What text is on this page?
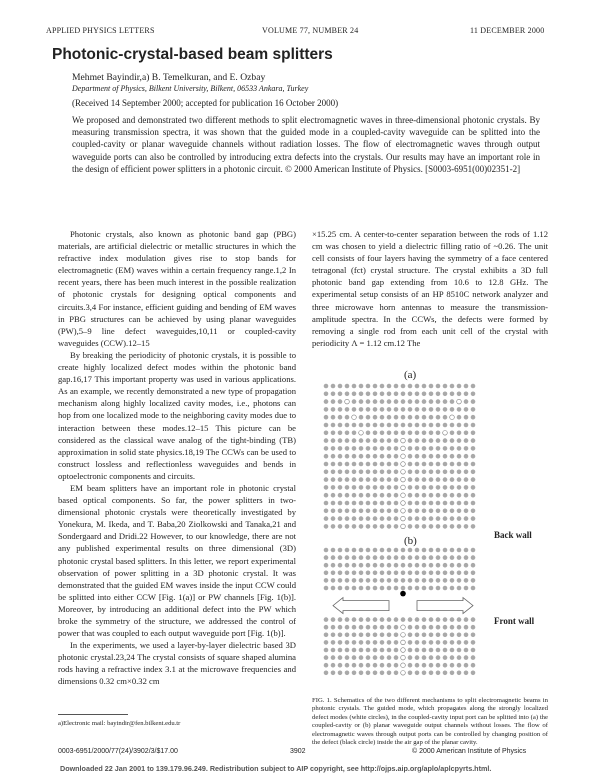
APPLIED PHYSICS LETTERS	VOLUME 77, NUMBER 24	11 DECEMBER 2000
Photonic-crystal-based beam splitters
Mehmet Bayindir,a) B. Temelkuran, and E. Ozbay
Department of Physics, Bilkent University, Bilkent, 06533 Ankara, Turkey
(Received 14 September 2000; accepted for publication 16 October 2000)
We proposed and demonstrated two different methods to split electromagnetic waves in three-dimensional photonic crystals. By measuring transmission spectra, it was shown that the guided mode in a coupled-cavity waveguide can be splitted into the coupled-cavity or planar waveguide channels without radiation losses. The flow of electromagnetic waves through output waveguide ports can also be controlled by introducing extra defects into the crystals. Our results may have an important role in the design of efficient power splitters in a photonic circuit. © 2000 American Institute of Physics. [S0003-6951(00)02351-2]

Photonic crystals, also known as photonic band gap (PBG) materials, are artificial dielectric or metallic structures in which the refractive index modulation gives rise to stop bands for electromagnetic (EM) waves within a certain frequency range.1,2 In recent years, there has been much interest in the possible realization of photonic crystals for designing optical components and circuits.3,4 For instance, efficient guiding and bending of EM waves in PBG structures can be achieved by using planar waveguides (PW),5–9 line defect waveguides,10,11 or coupled-cavity waveguides (CCW).12–15

By breaking the periodicity of photonic crystals, it is possible to create highly localized defect modes within the photonic band gap.16,17 This important property was used in various applications. As an example, we recently demonstrated a new type of propagation mechanism along highly localized cavity modes, i.e., photons can hop from one localized mode to the neighboring cavity modes due to interaction between these modes.12–15 This picture can be considered as the classical wave analog of the tight-binding (TB) approximation in solid state physics.18,19 The CCWs can be used to construct lossless and reflectionless waveguides and bends in optoelectronic components and circuits.

EM beam splitters have an important role in photonic crystal based optical components. So far, the power splitters in two-dimensional photonic crystals were theoretically investigated by Yonekura, M. Ikeda, and T. Baba,20 Ziolkowski and Tanaka,21 and Sondergaard and Dridi.22 However, to our knowledge, there are not any published experimental results on three dimensional (3D) photonic crystal based splitters. In this letter, we report experimental observation of power splitting in a 3D photonic crystal. It was demonstrated that the guided EM waves inside the input CCW could be splitted into either CCW [Fig. 1(a)] or PW channels [Fig. 1(b)]. Moreover, by introducing an additional defect into the PW which broke the symmetry of the structure, we addressed the control of power that was coupled to each output waveguide port [Fig. 1(b)].

In the experiments, we used a layer-by-layer dielectric based 3D photonic crystal.23,24 The crystal consists of square shaped alumina rods having a refractive index 3.1 at the microwave frequencies and dimensions 0.32 cm×0.32 cm

×15.25 cm. A center-to-center separation between the rods of 1.12 cm was chosen to yield a dielectric filling ratio of ~0.26. The unit cell consists of four layers having the symmetry of a face centered tetragonal (fct) crystal structure. The crystal exhibits a 3D full photonic band gap extending from 10.6 to 12.8 GHz. The experimental setup consists of an HP 8510C network analyzer and three microwave horn antennas to measure the transmission-amplitude spectra. In the CCWs, the defects were formed by removing a single rod from each unit cell of the crystal with periodicity Λ = 1.12 cm.12 The

(a)
(b)	Back wall
Front wall
FIG. 1. Schematics of the two different mechanisms to split electromagnetic beams in photonic crystals. The guided mode, which propagates along the strongly localized defect modes (white circles), in the coupled-cavity input port can be splitted into (a) the coupled-cavity or (b) planar waveguide output channels without losses. The flow of electromagnetic waves through output ports can be controlled by changing position of the defect (black circle) inside the air gap of the planar cavity.
a)Electronic mail: bayindir@fen.bilkent.edu.tr
0003-6951/2000/77(24)/3902/3/$17.00	3902	© 2000 American Institute of Physics
Downloaded 22 Jan 2001 to 139.179.96.249. Redistribution subject to AIP copyright, see http://ojps.aip.org/aplo/aplcpyrts.html.
